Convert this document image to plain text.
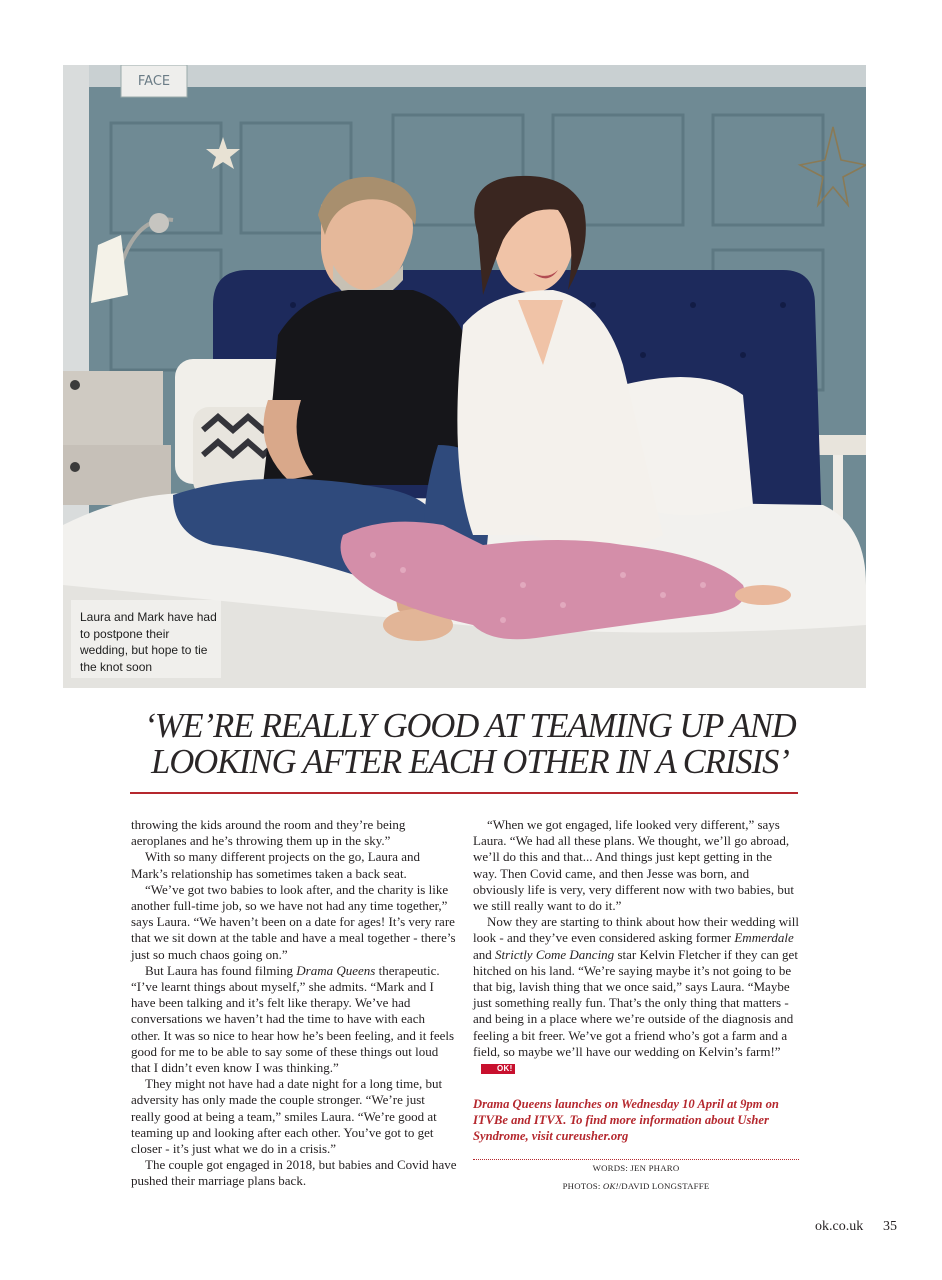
FACE
Laura and Mark have had to postpone their wedding, but hope to tie the knot soon
‘WE’RE REALLY GOOD AT TEAMING UP AND
LOOKING AFTER EACH OTHER IN A CRISIS’

throwing the kids around the room and they’re being aeroplanes and he’s throwing them up in the sky.”

With so many different projects on the go, Laura and Mark’s relationship has sometimes taken a back seat.

“We’ve got two babies to look after, and the charity is like another full-time job, so we have not had any time together,” says Laura. “We haven’t been on a date for ages! It’s very rare that we sit down at the table and have a meal together - there’s just so much chaos going on.”

But Laura has found filming Drama Queens therapeutic. “I’ve learnt things about myself,” she admits. “Mark and I have been talking and it’s felt like therapy. We’ve had conversations we haven’t had the time to have with each other. It was so nice to hear how he’s been feeling, and it feels good for me to be able to say some of these things out loud that I didn’t even know I was thinking.”

They might not have had a date night for a long time, but adversity has only made the couple stronger. “We’re just really good at being a team,” smiles Laura. “We’re good at teaming up and looking after each other. You’ve got to get closer - it’s just what we do in a crisis.”

The couple got engaged in 2018, but babies and Covid have pushed their marriage plans back.

“When we got engaged, life looked very different,” says Laura. “We had all these plans. We thought, we’ll go abroad, we’ll do this and that... And things just kept getting in the way. Then Covid came, and then Jesse was born, and obviously life is very, very different now with two babies, but we still really want to do it.”

Now they are starting to think about how their wedding will look - and they’ve even considered asking former Emmerdale and Strictly Come Dancing star Kelvin Fletcher if they can get hitched on his land. “We’re saying maybe it’s not going to be that big, lavish thing that we once said,” says Laura. “Maybe just something really fun. That’s the only thing that matters - and being in a place where we’re outside of the diagnosis and feeling a bit freer. We’ve got a friend who’s got a farm and a field, so maybe we’ll have our wedding on Kelvin’s farm!”OK!

Drama Queens launches on Wednesday 10 April at 9pm on ITVBe and ITVX. To find more information about Usher Syndrome, visit cureusher.org
WORDS: JEN PHARO
PHOTOS: OK!/DAVID LONGSTAFFE
ok.co.uk 35
